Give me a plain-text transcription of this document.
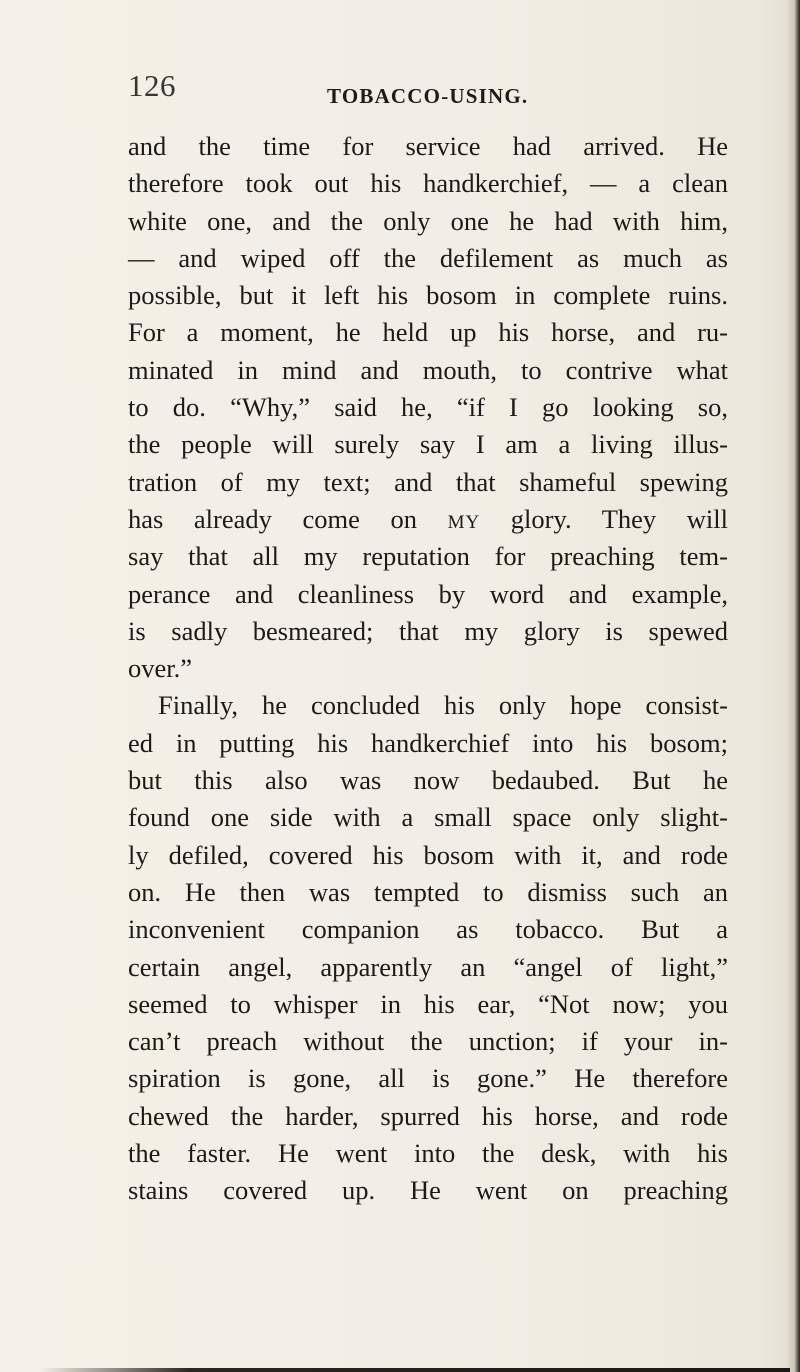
126	TOBACCO-USING.
and the time for service had arrived. He
therefore took out his handkerchief, — a clean
white one, and the only one he had with him,
— and wiped off the defilement as much as
possible, but it left his bosom in complete ruins.
For a moment, he held up his horse, and ru-
minated in mind and mouth, to contrive what
to do. “Why,” said he, “if I go looking so,
the people will surely say I am a living illus-
tration of my text; and that shameful spewing
has already come on MY glory. They will
say that all my reputation for preaching tem-
perance and cleanliness by word and example,
is sadly besmeared; that my glory is spewed
over.”
Finally, he concluded his only hope consist-
ed in putting his handkerchief into his bosom;
but this also was now bedaubed. But he
found one side with a small space only slight-
ly defiled, covered his bosom with it, and rode
on. He then was tempted to dismiss such an
inconvenient companion as tobacco. But a
certain angel, apparently an “angel of light,”
seemed to whisper in his ear, “Not now; you
can’t preach without the unction; if your in-
spiration is gone, all is gone.” He therefore
chewed the harder, spurred his horse, and rode
the faster. He went into the desk, with his
stains covered up. He went on preaching
